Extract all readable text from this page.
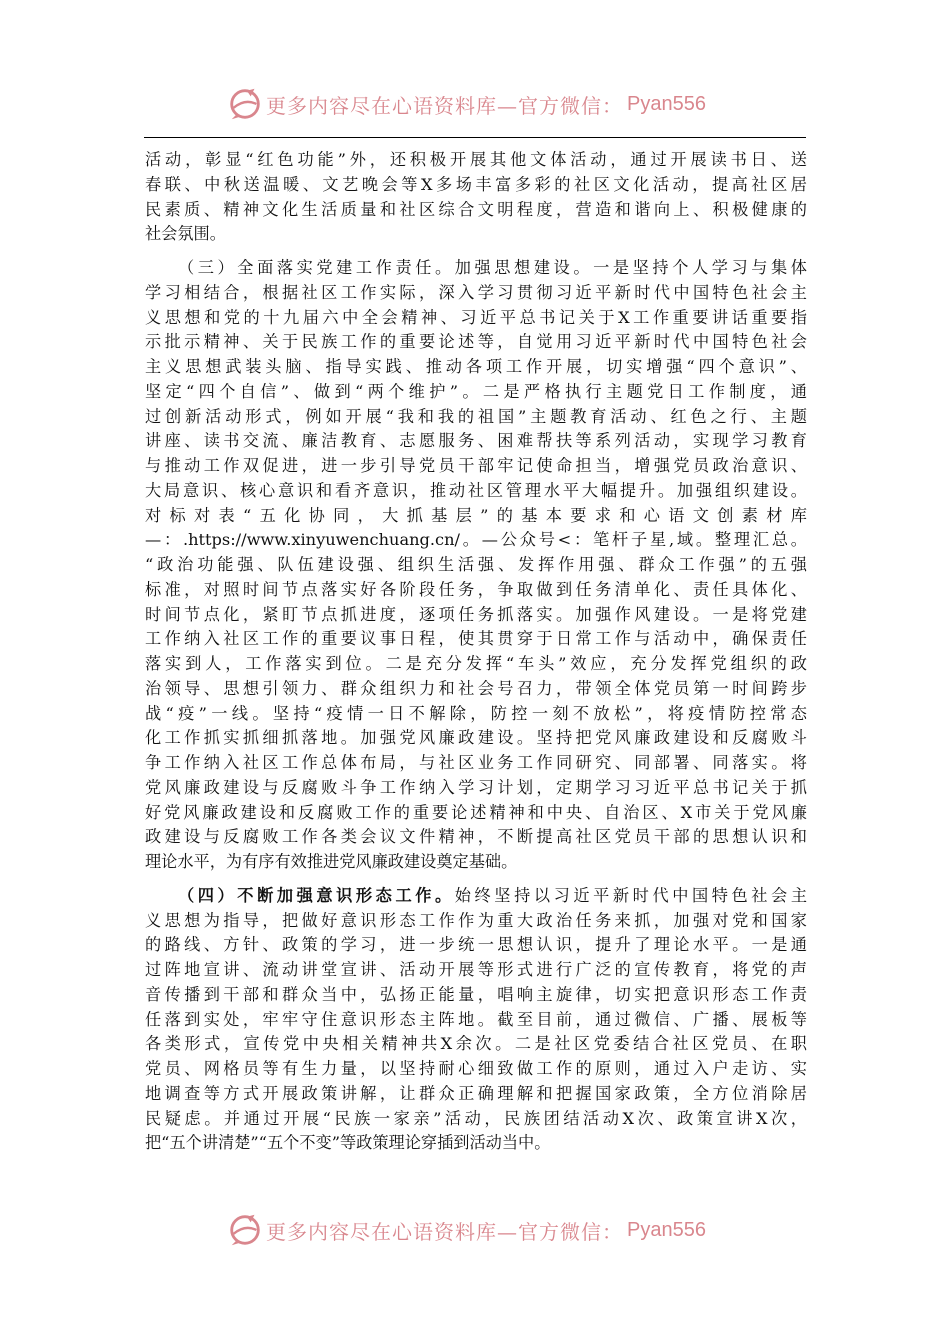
更多内容尽在心语资料库—官方微信： Pyan556
活动，彰显“红色功能”外，还积极开展其他文体活动，通过开展读书日、送
春联、中秋送温暖、文艺晚会等X多场丰富多彩的社区文化活动，提高社区居
民素质、精神文化生活质量和社区综合文明程度，营造和谐向上、积极健康的
社会氛围。
（三）全面落实党建工作责任。加强思想建设。一是坚持个人学习与集体
学习相结合，根据社区工作实际，深入学习贯彻习近平新时代中国特色社会主
义思想和党的十九届六中全会精神、习近平总书记关于X工作重要讲话重要指
示批示精神、关于民族工作的重要论述等，自觉用习近平新时代中国特色社会
主义思想武装头脑、指导实践、推动各项工作开展，切实增强“四个意识”、
坚定“四个自信”、做到“两个维护”。二是严格执行主题党日工作制度，通
过创新活动形式，例如开展“我和我的祖国”主题教育活动、红色之行、主题
讲座、读书交流、廉洁教育、志愿服务、困难帮扶等系列活动，实现学习教育
与推动工作双促进，进一步引导党员干部牢记使命担当，增强党员政治意识、
大局意识、核心意识和看齐意识，推动社区管理水平大幅提升。加强组织建设。
对标对表“五化协同，大抓基层”的基本要求和心语文创素材库
—：.https://www.xinyuwenchuang.cn/。—公众号<：笔杆子星,域。整理汇总。
“政治功能强、队伍建设强、组织生活强、发挥作用强、群众工作强”的五强
标准，对照时间节点落实好各阶段任务，争取做到任务清单化、责任具体化、
时间节点化，紧盯节点抓进度，逐项任务抓落实。加强作风建设。一是将党建
工作纳入社区工作的重要议事日程，使其贯穿于日常工作与活动中，确保责任
落实到人，工作落实到位。二是充分发挥“车头”效应，充分发挥党组织的政
治领导、思想引领力、群众组织力和社会号召力，带领全体党员第一时间跨步
战“疫”一线。坚持“疫情一日不解除，防控一刻不放松”，将疫情防控常态
化工作抓实抓细抓落地。加强党风廉政建设。坚持把党风廉政建设和反腐败斗
争工作纳入社区工作总体布局，与社区业务工作同研究、同部署、同落实。将
党风廉政建设与反腐败斗争工作纳入学习计划，定期学习习近平总书记关于抓
好党风廉政建设和反腐败工作的重要论述精神和中央、自治区、X市关于党风廉
政建设与反腐败工作各类会议文件精神，不断提高社区党员干部的思想认识和
理论水平，为有序有效推进党风廉政建设奠定基础。
（四）不断加强意识形态工作。始终坚持以习近平新时代中国特色社会主
义思想为指导，把做好意识形态工作作为重大政治任务来抓，加强对党和国家
的路线、方针、政策的学习，进一步统一思想认识，提升了理论水平。一是通
过阵地宣讲、流动讲堂宣讲、活动开展等形式进行广泛的宣传教育，将党的声
音传播到干部和群众当中，弘扬正能量，唱响主旋律，切实把意识形态工作责
任落到实处，牢牢守住意识形态主阵地。截至目前，通过微信、广播、展板等
各类形式，宣传党中央相关精神共X余次。二是社区党委结合社区党员、在职
党员、网格员等有生力量，以坚持耐心细致做工作的原则，通过入户走访、实
地调查等方式开展政策讲解，让群众正确理解和把握国家政策，全方位消除居
民疑虑。并通过开展“民族一家亲”活动，民族团结活动X次、政策宣讲X次，
把“五个讲清楚”“五个不变”等政策理论穿插到活动当中。
更多内容尽在心语资料库—官方微信： Pyan556
